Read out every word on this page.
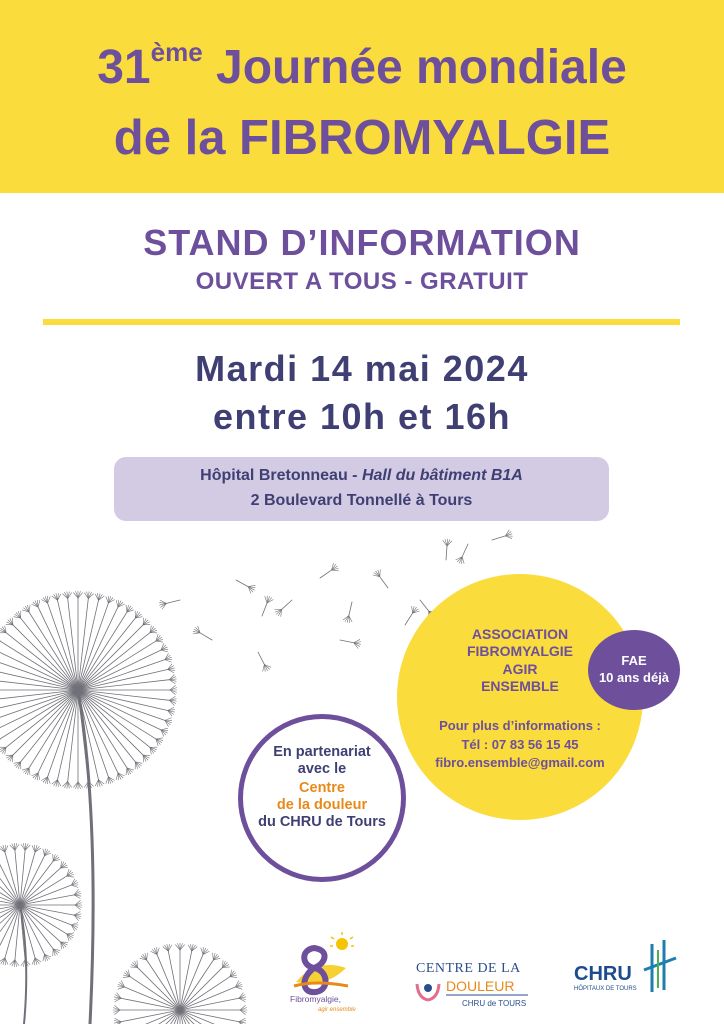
31ème Journée mondiale
de la FIBROMYALGIE
STAND D’INFORMATION
OUVERT A TOUS - GRATUIT
Mardi 14 mai 2024
entre 10h et 16h
Hôpital Bretonneau - Hall du bâtiment B1A
2 Boulevard Tonnellé à Tours
ASSOCIATION
FIBROMYALGIE
AGIR
ENSEMBLE
Pour plus d’informations :
Tél : 07 83 56 15 45
fibro.ensemble@gmail.com
FAE
10 ans déjà
En partenariat
avec le
Centre
de la douleur
du CHRU de Tours
Fibromyalgie,
agir ensemble
CENTRE DE LA
DOULEUR
CHRU de TOURS
CHRU
HÔPITAUX DE TOURS
